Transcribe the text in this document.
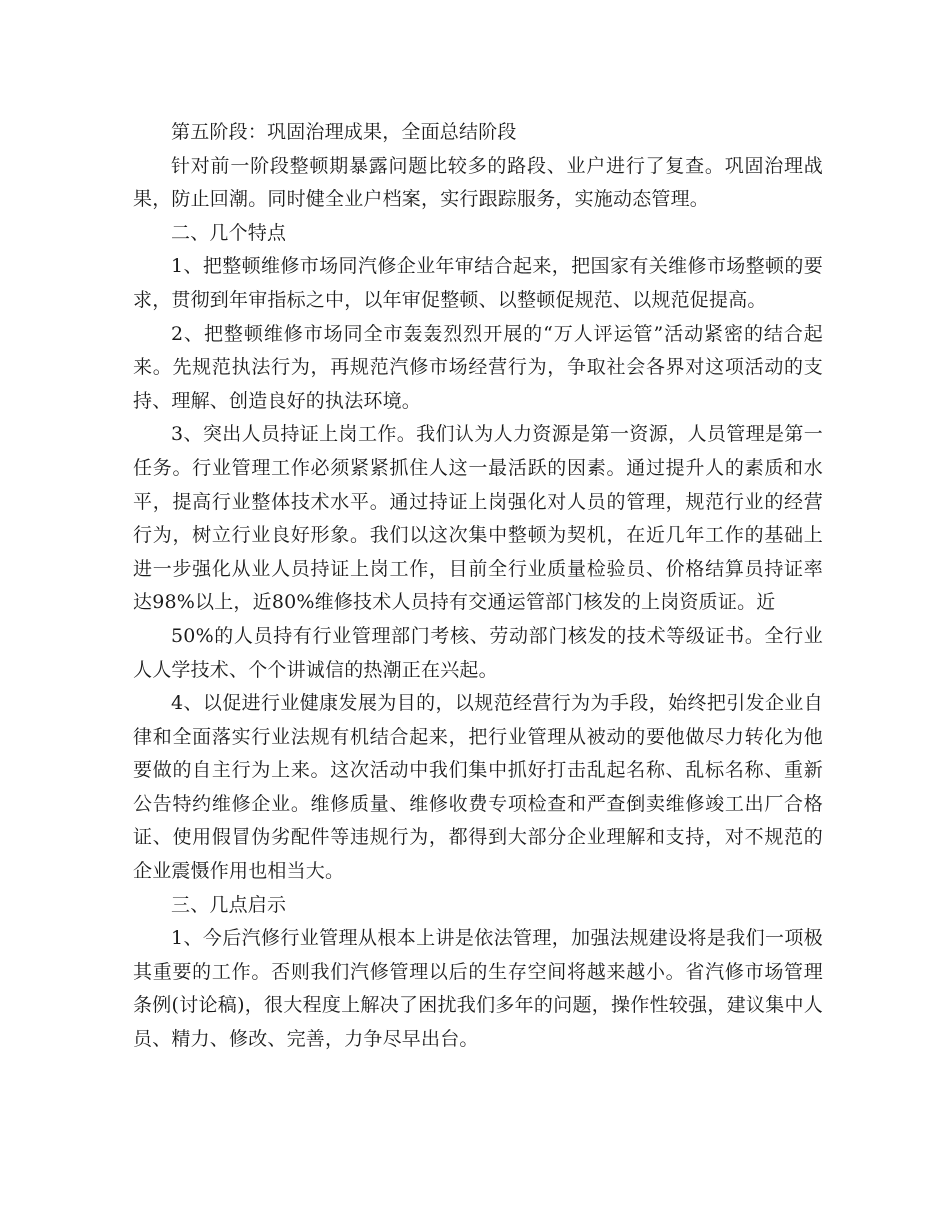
第五阶段：巩固治理成果，全面总结阶段

针对前一阶段整顿期暴露问题比较多的路段、业户进行了复查。巩固治理战果，防止回潮。同时健全业户档案，实行跟踪服务，实施动态管理。

二、几个特点

1、把整顿维修市场同汽修企业年审结合起来，把国家有关维修市场整顿的要求，贯彻到年审指标之中，以年审促整顿、以整顿促规范、以规范促提高。

2、把整顿维修市场同全市轰轰烈烈开展的“万人评运管”活动紧密的结合起来。先规范执法行为，再规范汽修市场经营行为，争取社会各界对这项活动的支持、理解、创造良好的执法环境。

3、突出人员持证上岗工作。我们认为人力资源是第一资源，人员管理是第一任务。行业管理工作必须紧紧抓住人这一最活跃的因素。通过提升人的素质和水平，提高行业整体技术水平。通过持证上岗强化对人员的管理，规范行业的经营行为，树立行业良好形象。我们以这次集中整顿为契机，在近几年工作的基础上进一步强化从业人员持证上岗工作，目前全行业质量检验员、价格结算员持证率达98%以上，近80%维修技术人员持有交通运管部门核发的上岗资质证。近

50%的人员持有行业管理部门考核、劳动部门核发的技术等级证书。全行业人人学技术、个个讲诚信的热潮正在兴起。

4、以促进行业健康发展为目的，以规范经营行为为手段，始终把引发企业自律和全面落实行业法规有机结合起来，把行业管理从被动的要他做尽力转化为他要做的自主行为上来。这次活动中我们集中抓好打击乱起名称、乱标名称、重新公告特约维修企业。维修质量、维修收费专项检查和严查倒卖维修竣工出厂合格证、使用假冒伪劣配件等违规行为，都得到大部分企业理解和支持，对不规范的企业震慑作用也相当大。

三、几点启示

1、今后汽修行业管理从根本上讲是依法管理，加强法规建设将是我们一项极其重要的工作。否则我们汽修管理以后的生存空间将越来越小。省汽修市场管理条例(讨论稿)，很大程度上解决了困扰我们多年的问题，操作性较强，建议集中人员、精力、修改、完善，力争尽早出台。
